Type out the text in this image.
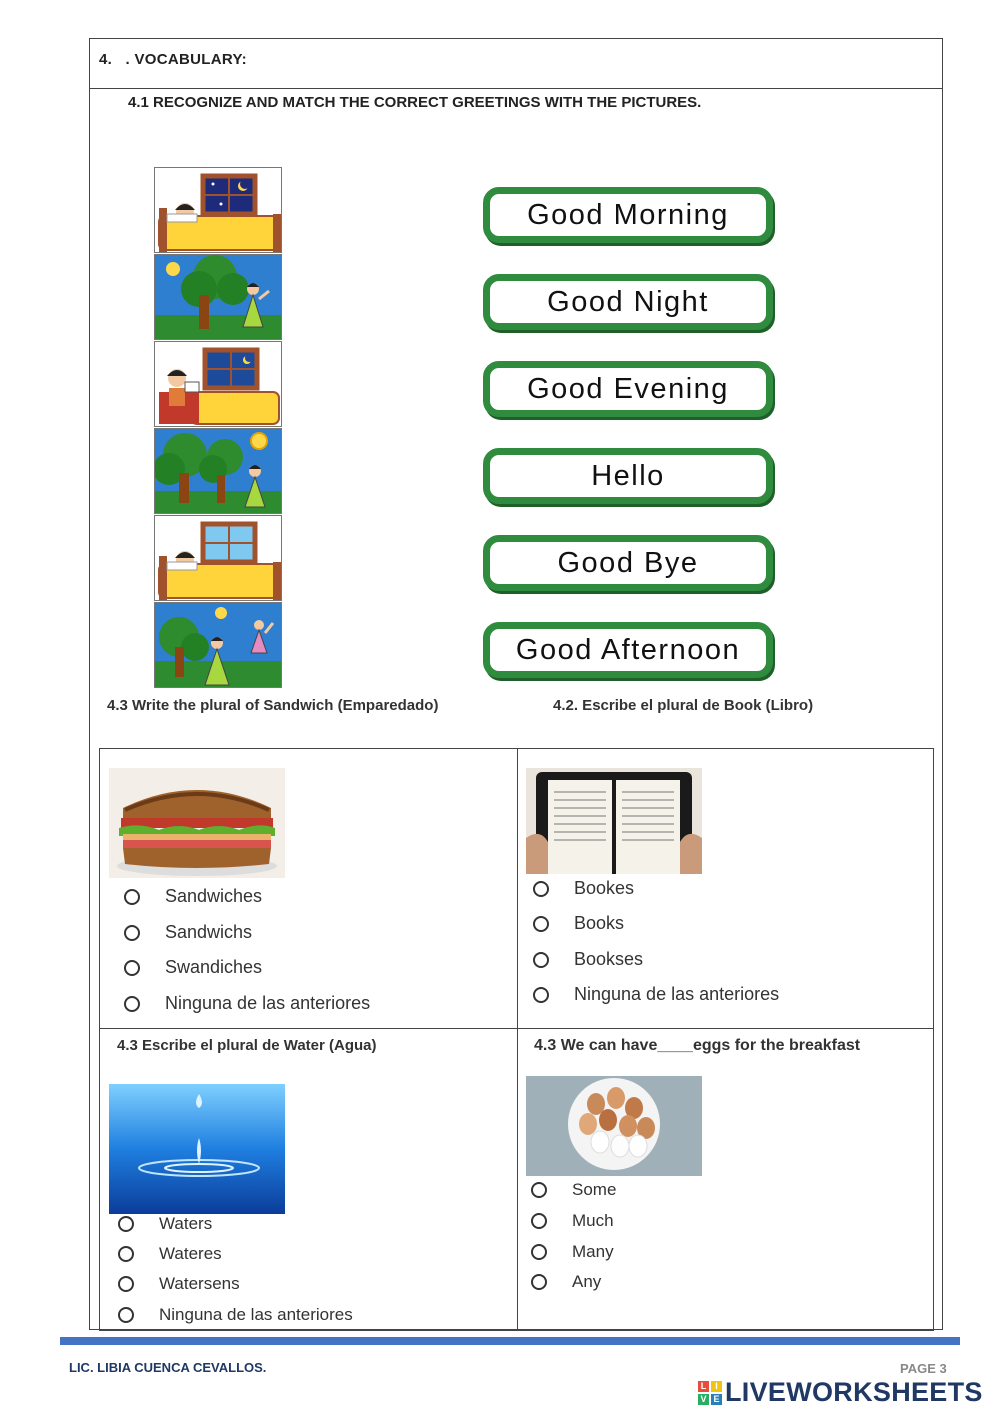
4. . VOCABULARY:
4.1 RECOGNIZE AND MATCH THE CORRECT GREETINGS WITH THE PICTURES.
Good Morning
Good Night
Good Evening
Hello
Good Bye
Good Afternoon
4.3 Write the plural of Sandwich (Emparedado)	4.2. Escribe el plural de Book (Libro)
Sandwiches
Sandwichs
Swandiches
Ninguna de las anteriores
Bookes
Books
Bookses
Ninguna de las anteriores
4.3 Escribe el plural de Water (Agua)
Waters
Wateres
Watersens
Ninguna de las anteriores
4.3 We can have____eggs for the breakfast
Some
Much
Many
Any
LIC. LIBIA CUENCA CEVALLOS.	PAGE 3
L I
V E LIVEWORKSHEETS
